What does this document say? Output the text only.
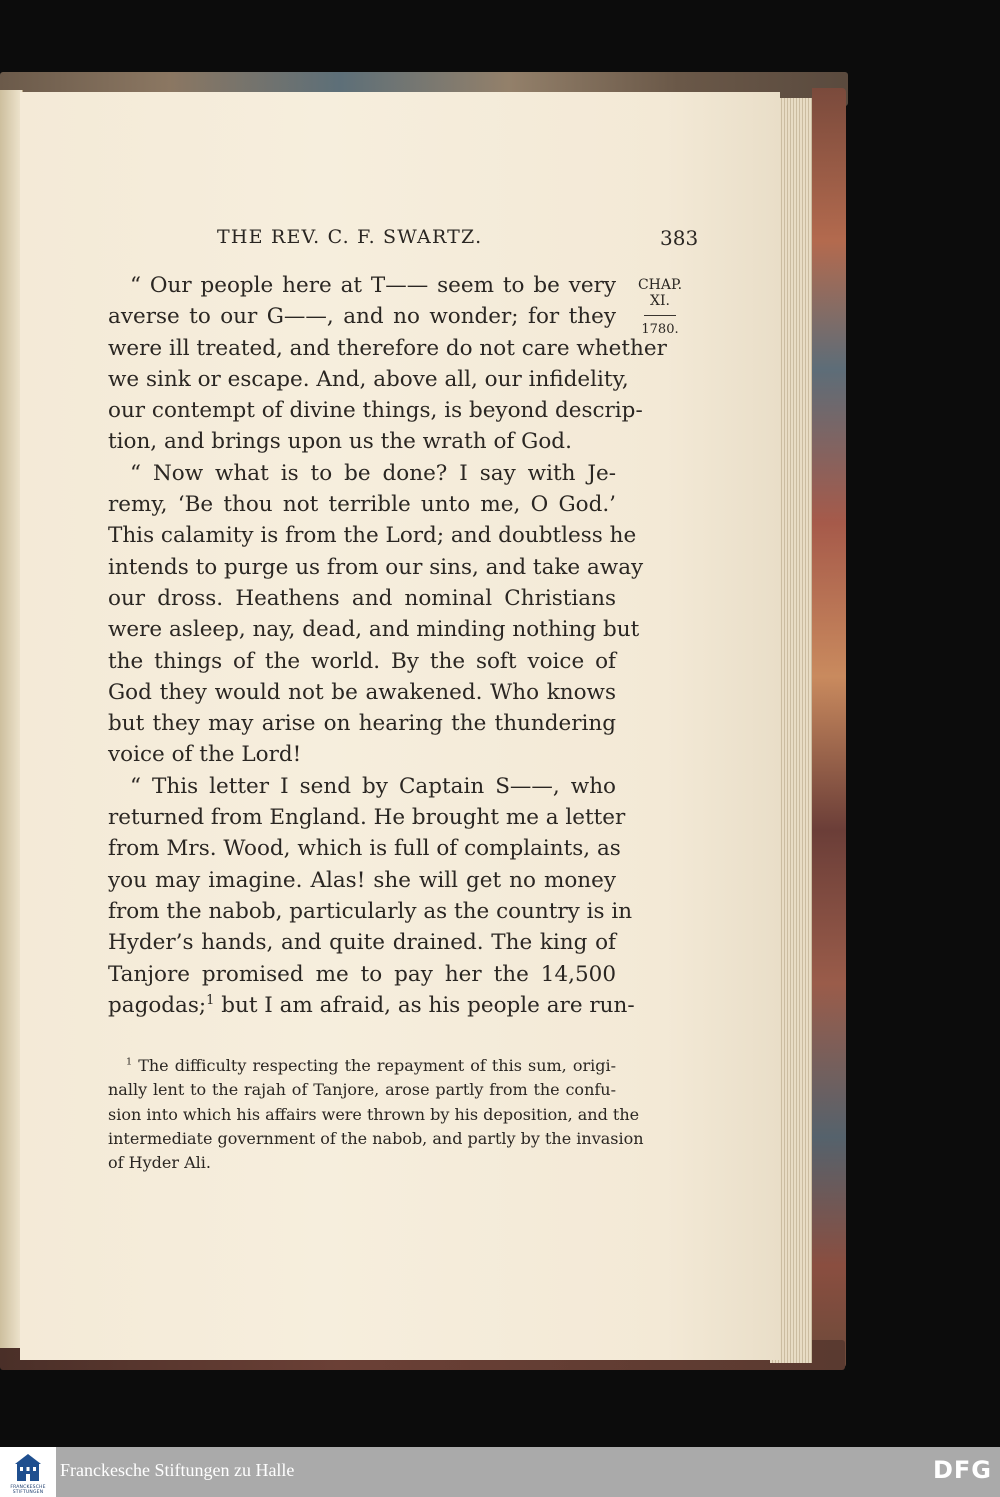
THE REV. C. F. SWARTZ.	383
CHAP.
XI.
1780.
“ Our people here at T—— seem to be very
averse to our G——, and no wonder; for they
were ill treated, and therefore do not care whether
we sink or escape. And, above all, our infidelity,
our contempt of divine things, is beyond descrip-
tion, and brings upon us the wrath of God.
“ Now what is to be done? I say with Je-
remy, ‘Be thou not terrible unto me, O God.’
This calamity is from the Lord; and doubtless he
intends to purge us from our sins, and take away
our dross. Heathens and nominal Christians
were asleep, nay, dead, and minding nothing but
the things of the world. By the soft voice of
God they would not be awakened. Who knows
but they may arise on hearing the thundering
voice of the Lord!
“ This letter I send by Captain S——, who
returned from England. He brought me a letter
from Mrs. Wood, which is full of complaints, as
you may imagine. Alas! she will get no money
from the nabob, particularly as the country is in
Hyder’s hands, and quite drained. The king of
Tanjore promised me to pay her the 14,500
pagodas;$^1$ but I am afraid, as his people are run-
$^1$ The difficulty respecting the repayment of this sum, origi-
nally lent to the rajah of Tanjore, arose partly from the confu-
sion into which his affairs were thrown by his deposition, and the
intermediate government of the nabob, and partly by the invasion
of Hyder Ali.
FRANCKESCHE STIFTUNGEN
Franckesche Stiftungen zu Halle	DFG
